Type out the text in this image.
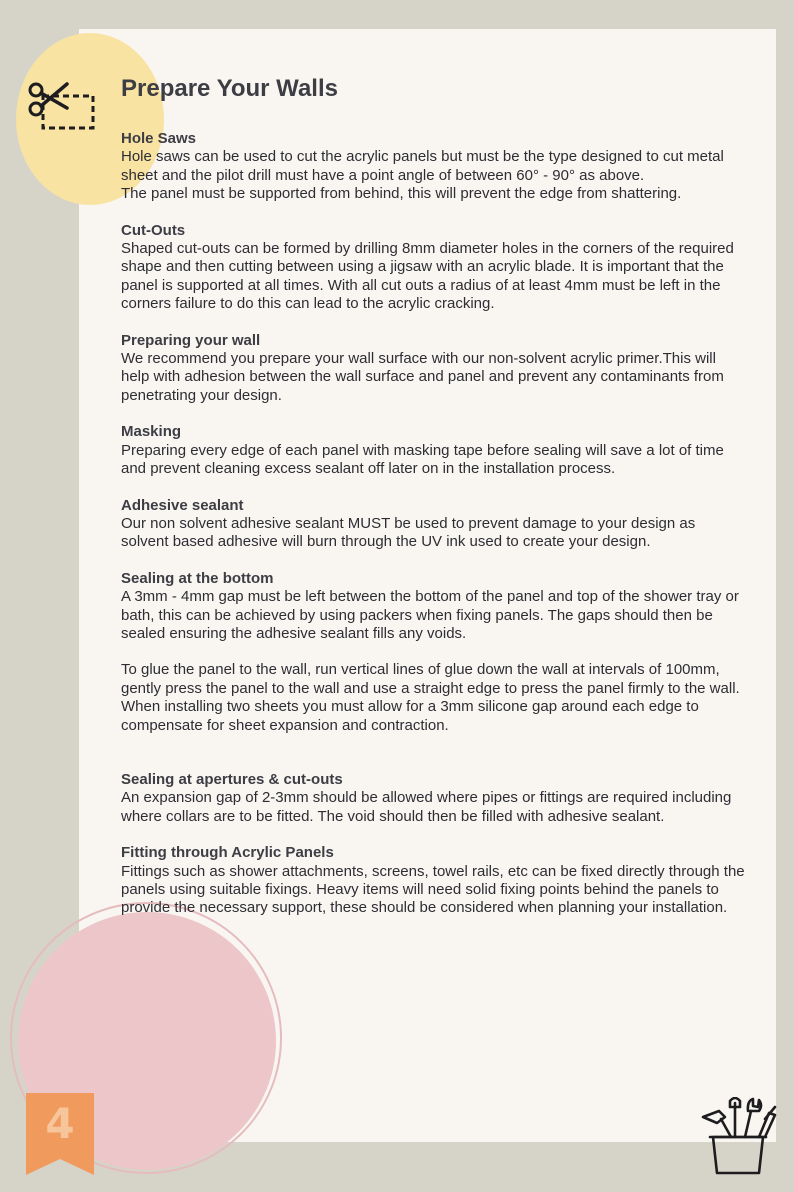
4
Prepare Your Walls
Hole Saws

Hole saws can be used to cut the acrylic panels but must be the type designed to cut metal sheet and the pilot drill must have a point angle of between 60° - 90° as above.

The panel must be supported from behind, this will prevent the edge from shattering.

Cut-Outs

Shaped cut-outs can be formed by drilling 8mm diameter holes in the corners of the required shape and then cutting between using a jigsaw with an acrylic blade. It is important that the panel is supported at all times. With all cut outs a radius of at least 4mm must be left in the corners failure to do this can lead to the acrylic cracking.

Preparing your wall

We recommend you prepare your wall surface with our non-solvent acrylic primer.This will help with adhesion between the wall surface and panel and prevent any contaminants from penetrating your design.

Masking

Preparing every edge of each panel with masking tape before sealing will save a lot of time and prevent cleaning excess sealant off later on in the installation process.

Adhesive sealant

Our non solvent adhesive sealant MUST be used to prevent damage to your design as solvent based adhesive will burn through the UV ink used to create your design.

Sealing at the bottom

A 3mm - 4mm gap must be left between the bottom of the panel and top of the shower tray or bath, this can be achieved by using packers when fixing panels. The gaps should then be sealed ensuring the adhesive sealant fills any voids.

To glue the panel to the wall, run vertical lines of glue down the wall at intervals of 100mm, gently press the panel to the wall and use a straight edge to press the panel firmly to the wall.

When installing two sheets you must allow for a 3mm silicone gap around each edge to compensate for sheet expansion and contraction.

Sealing at apertures & cut-outs

An expansion gap of 2-3mm should be allowed where pipes or fittings are required including where collars are to be fitted. The void should then be filled with adhesive sealant.

Fitting through Acrylic Panels

Fittings such as shower attachments, screens, towel rails, etc can be fixed directly through the panels using suitable fixings. Heavy items will need solid fixing points behind the panels to provide the necessary support, these should be considered when planning your installation.
